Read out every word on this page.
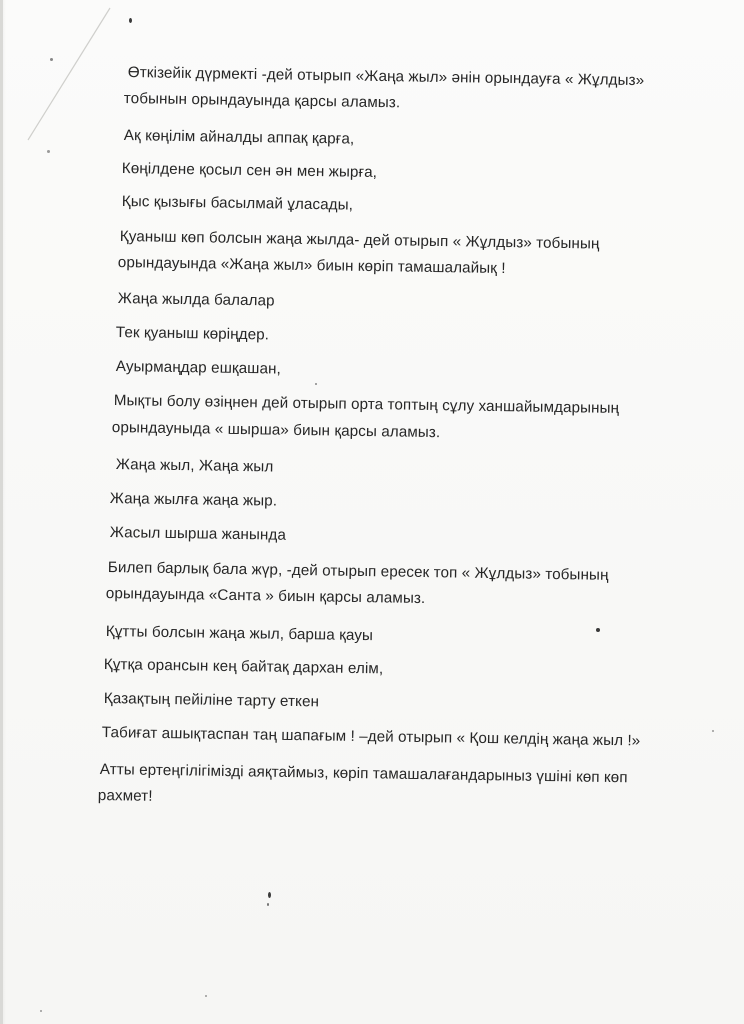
Өткізейік дүрмекті -дей отырып «Жаңа жыл» әнін орындауға « Жұлдыз»
тобынын орындауында қарсы аламыз.
Ақ көңілім айналды аппақ қарға,
Көңілдене қосыл сен ән мен жырға,
Қыс қызығы басылмай ұласады,
Қуаныш көп болсын жаңа жылда- дей отырып « Жұлдыз» тобының
орындауында «Жаңа жыл» биын көріп тамашалайық !
Жаңа жылда балалар
Тек қуаныш көріңдер.
Ауырмаңдар ешқашан,
Мықты болу өзіңнен дей отырып орта топтың сұлу ханшайымдарының
орындауныда « шырша» биын қарсы аламыз.
Жаңа жыл, Жаңа жыл
Жаңа жылға жаңа жыр.
Жасыл шырша жанында
Билеп барлық бала жүр, -дей отырып ересек топ « Жұлдыз» тобының
орындауында «Санта » биын қарсы аламыз.
Құтты болсын жаңа жыл, барша қауы
Құтқа орансын кең байтақ дархан елім,
Қазақтың пейіліне тарту еткен
Табиғат ашықтаспан таң шапағым ! –дей отырып « Қош келдің жаңа жыл !»
Атты ертеңгілігімізді аяқтаймыз, көріп тамашалағандарыныз үшіні көп көп
рахмет!
